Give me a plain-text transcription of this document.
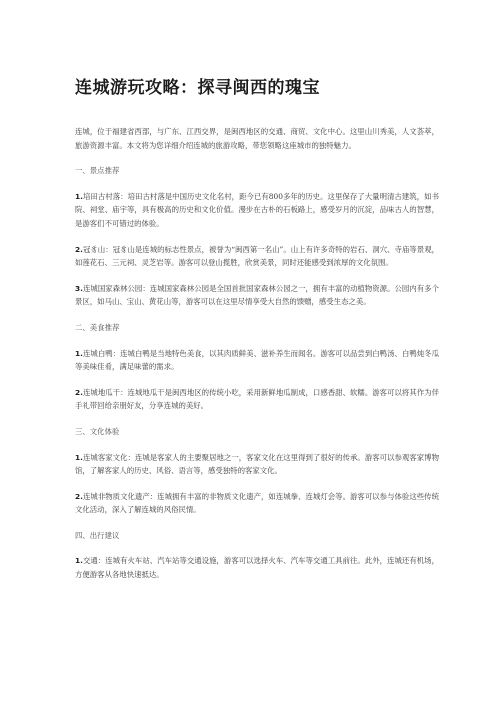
连城游玩攻略：探寻闽西的瑰宝

连城，位于福建省西部，与广东、江西交界，是闽西地区的交通、商贸、文化中心。这里山川秀美，人文荟萃，旅游资源丰富。本文将为您详细介绍连城的旅游攻略，带您领略这座城市的独特魅力。

一、景点推荐

1.培田古村落：培田古村落是中国历史文化名村，距今已有800多年的历史。这里保存了大量明清古建筑，如书院、祠堂、庙宇等，具有极高的历史和文化价值。漫步在古朴的石板路上，感受岁月的沉淀，品味古人的智慧，是游客们不可错过的体验。

2.冠豸山：冠豸山是连城的标志性景点，被誉为“闽西第一名山”。山上有许多奇特的岩石、洞穴、寺庙等景观，如莲花石、三元祠、灵芝岩等。游客可以登山揽胜，欣赏美景，同时还能感受到浓厚的文化氛围。

3.连城国家森林公园：连城国家森林公园是全国首批国家森林公园之一，拥有丰富的动植物资源。公园内有多个景区，如马山、宝山、黄花山等，游客可以在这里尽情享受大自然的馈赠，感受生态之美。

二、美食推荐

1.连城白鸭：连城白鸭是当地特色美食，以其肉质鲜美、滋补养生而闻名。游客可以品尝到白鸭汤、白鸭炖冬瓜等美味佳肴，满足味蕾的需求。

2.连城地瓜干：连城地瓜干是闽西地区的传统小吃，采用新鲜地瓜制成，口感香甜、软糯。游客可以将其作为伴手礼带回给亲朋好友，分享连城的美好。

三、文化体验

1.连城客家文化：连城是客家人的主要聚居地之一，客家文化在这里得到了很好的传承。游客可以参观客家博物馆，了解客家人的历史、风俗、语言等，感受独特的客家文化。

2.连城非物质文化遗产：连城拥有丰富的非物质文化遗产，如连城拳、连城灯会等。游客可以参与体验这些传统文化活动，深入了解连城的风俗民情。

四、出行建议

1.交通：连城有火车站、汽车站等交通设施，游客可以选择火车、汽车等交通工具前往。此外，连城还有机场，方便游客从各地快速抵达。
